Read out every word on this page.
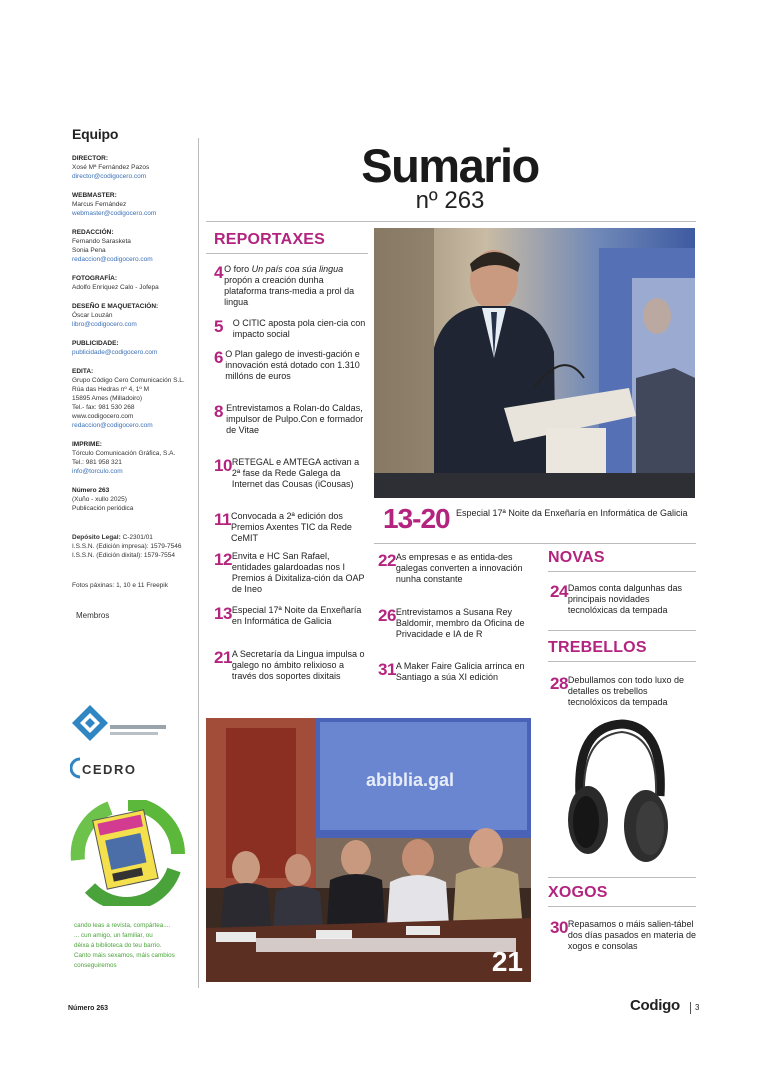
Equipo
DIRECTOR:
Xosé Mª Fernández Pazos
director@codigocero.com
WEBMASTER:
Marcus Fernández
webmaster@codigocero.com
REDACCIÓN:
Fernando Sarasketa
Sonia Pena
redaccion@codigocero.com
FOTOGRAFÍA:
Adolfo Enríquez Calo - Jofepa
DESEÑO E MAQUETACIÓN:
Óscar Louzán
libro@codigocero.com
PUBLICIDADE:
publicidade@codigocero.com
EDITA:
Grupo Código Cero Comunicación S.L.
Rúa das Hedras nº 4, 1º M
15895 Ames (Milladoiro)
Tel.- fax: 981 530 268
www.codigocero.com
redaccion@codigocero.com
IMPRIME:
Tórculo Comunicación Gráfica, S.A.
Tel.: 981 958 321
info@torculo.com
Número 263
(Xuño - xullo 2025)
Publicación periódica
Depósito Legal: C-2301/01
I.S.S.N. (Edición impresa): 1579-7546
I.S.S.N. (Edición dixital): 1579-7554
Fotos páxinas: 1, 10 e 11 Freepik
Membros
CEDRO
cando leas a revista, compártea....
... cun amigo, un familiar, ou
déixa á biblioteca do teu barrio.
Canto máis sexamos, máis cambios
conseguiremos
Sumario
nº 263
REPORTAXES
4 O foro Un país coa súa lingua propón a creación dunha plataforma trans-media a prol da lingua
5	O CITIC aposta pola cien-cia con impacto social
6 O Plan galego de investi-gación e innovación está dotado con 1.310 millóns de euros
8 Entrevistamos a Rolan-do Caldas, impulsor de Pulpo.Con e formador de Vitae
10 RETEGAL e AMTEGA activan a 2ª fase da Rede Galega da Internet das Cousas (iCousas)
11 Convocada a 2ª edición dos Premios Axentes TIC da Rede CeMIT
12 Envita e HC San Rafael, entidades galardoadas nos I Premios á Dixitaliza-ción da OAP de Ineo
13 Especial 17ª Noite da Enxeñaría en Informática de Galicia
21 A Secretaría da Lingua impulsa o galego no ámbito relixioso a través dos soportes dixitais
13-20 Especial 17ª Noite da Enxeñaría en Informática de Galicia
22 As empresas e as entida-des galegas converten a innovación nunha constante
26 Entrevistamos a Susana Rey Baldomir, membro da Oficina de Privacidade e IA de R
31 A Maker Faire Galicia arrinca en Santiago a súa XI edición
NOVAS
24 Damos conta dalgunhas das principais novidades tecnolóxicas da tempada
TREBELLOS
28 Debullamos con todo luxo de detalles os trebellos tecnolóxicos da tempada
XOGOS
30 Repasamos o máis salien-tábel dos días pasados en materia de xogos e consolas
abiblia.gal
21
Número 263	Codigo 3
